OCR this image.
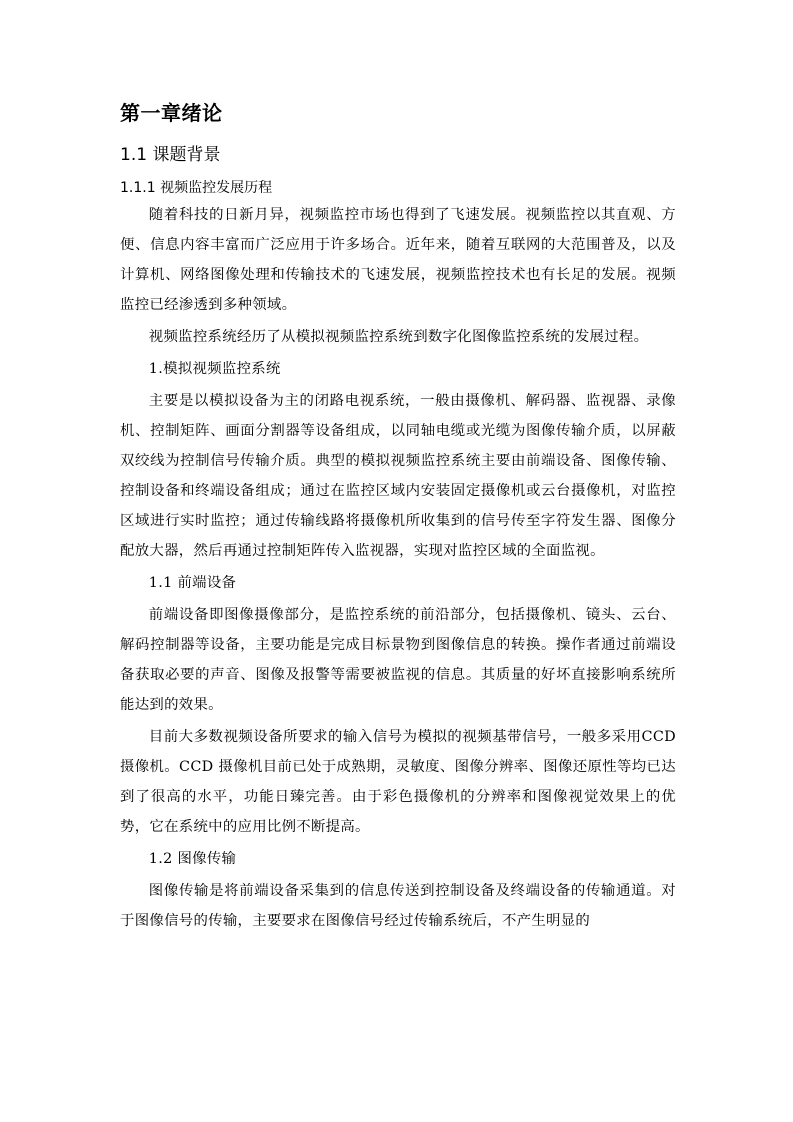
第一章绪论
1.1 课题背景
1.1.1 视频监控发展历程

随着科技的日新月异，视频监控市场也得到了飞速发展。视频监控以其直观、方便、信息内容丰富而广泛应用于许多场合。近年来，随着互联网的大范围普及，以及计算机、网络图像处理和传输技术的飞速发展，视频监控技术也有长足的发展。视频监控已经渗透到多种领域。

视频监控系统经历了从模拟视频监控系统到数字化图像监控系统的发展过程。

1.模拟视频监控系统

主要是以模拟设备为主的闭路电视系统，一般由摄像机、解码器、监视器、录像机、控制矩阵、画面分割器等设备组成，以同轴电缆或光缆为图像传输介质，以屏蔽双绞线为控制信号传输介质。典型的模拟视频监控系统主要由前端设备、图像传输、控制设备和终端设备组成；通过在监控区域内安装固定摄像机或云台摄像机，对监控区域进行实时监控；通过传输线路将摄像机所收集到的信号传至字符发生器、图像分配放大器，然后再通过控制矩阵传入监视器，实现对监控区域的全面监视。

1.1 前端设备

前端设备即图像摄像部分，是监控系统的前沿部分，包括摄像机、镜头、云台、解码控制器等设备，主要功能是完成目标景物到图像信息的转换。操作者通过前端设备获取必要的声音、图像及报警等需要被监视的信息。其质量的好坏直接影响系统所能达到的效果。

目前大多数视频设备所要求的输入信号为模拟的视频基带信号，一般多采用CCD 摄像机。CCD 摄像机目前已处于成熟期，灵敏度、图像分辨率、图像还原性等均已达到了很高的水平，功能日臻完善。由于彩色摄像机的分辨率和图像视觉效果上的优势，它在系统中的应用比例不断提高。

1.2 图像传输

图像传输是将前端设备采集到的信息传送到控制设备及终端设备的传输通道。对于图像信号的传输，主要要求在图像信号经过传输系统后，不产生明显的
